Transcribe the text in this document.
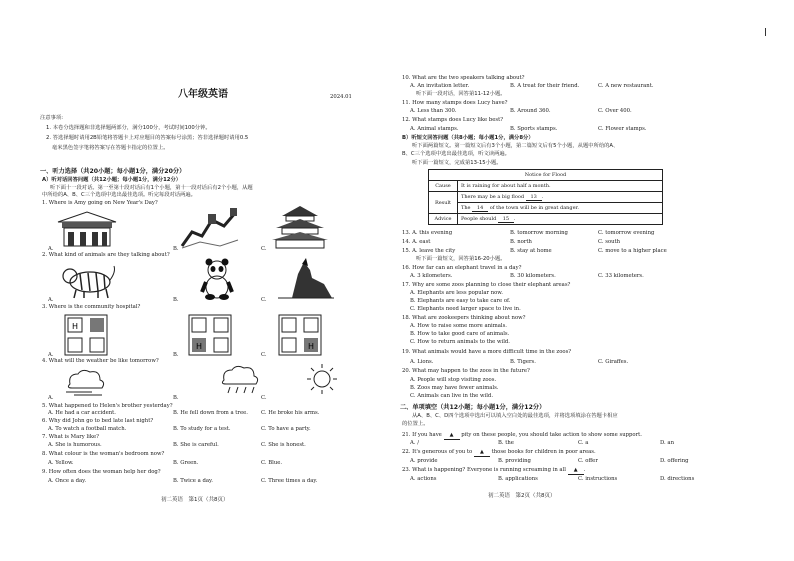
八年级英语	2024.01
注意事项:
1. 本卷分选择题和非选择题两部分，满分100分，考试时间100分钟。
2. 答选择题时请用2B铅笔将答题卡上对应题目的答案标号涂黑；答非选择题时请用0.5
毫米黑色签字笔将答案写在答题卡指定的位置上。
一、听力选择（共20小题；每小题1分，满分20分）
A）听对话回答问题（共12小题；每小题1分，满分12分）
听下面十一段对话。第一至第十段对话后有1个小题，第十一段对话后有2个小题，从题
中所给的A、B、C三个选项中选出最佳选项。听完每段对话两遍。
1. Where is Amy going on New Year's Day?
A.	B.	C.
2. What kind of animals are they talking about?
A.	B.	C.
3. Where is the community hospital?
A.	B.	C.
H
H	H
4. What will the weather be like tomorrow?
A.	B.	C.
5. What happened to Helen's brother yesterday?
A. He had a car accident.	B. He fell down from a tree. C. He broke his arms.
6. Why did John go to bed late last night?
A. To watch a football match.	B. To study for a test.	C. To have a party.
7. What is Mary like?
A. She is humorous.	B. She is careful.	C. She is honest.
8. What colour is the woman's bedroom now?
A. Yellow.	B. Green.	C. Blue.
9. How often does the woman help her dog?
A. Once a day.	B. Twice a day.	C. Three times a day.
初二英语　第1页（共8页）
10. What are the two speakers talking about?
A. An invitation letter.	B. A treat for their friend.	C. A new restaurant.
听下面一段对话，回答第11-12小题。
11. How many stamps does Lucy have?
A. Less than 300.	B. Around 360.	C. Over 400.
12. What stamps does Lucy like best?
A. Animal stamps.	B. Sports stamps.	C. Flower stamps.
B）听短文回答问题（共8小题；每小题1分，满分8分）
听下面两篇短文。第一篇短文后有3个小题，第二篇短文后有5个小题，从题中所给的A、
B、C三个选项中选出最佳选项，听文读两遍。
听下面一篇短文，完成第13-15小题。
Notice for Flood	
Cause	It is raining for about half a month.
Result	There may be a big flood 13 .
	The 14 of the town will be in great danger.
Advice	People should 15 .
13. A. this evening	B. tomorrow morning	C. tomorrow evening
14. A. east	B. north	C. south
15. A. leave the city	B. stay at home	C. move to a higher place
听下面一篇短文，回答第16-20小题。
16. How far can an elephant travel in a day?
A. 3 kilometers.	B. 30 kilometers.	C. 33 kilometers.
17. Why are some zoos planning to close their elephant areas?
A. Elephants are less popular now.
B. Elephants are easy to take care of.
C. Elephants need larger space to live in.
18. What are zookeepers thinking about now?
A. How to raise some more animals.
B. How to take good care of animals.
C. How to return animals to the wild.
19. What animals would have a more difficult time in the zoos?
A. Lions.	B. Tigers.	C. Giraffes.
20. What may happen to the zoos in the future?
A. People will stop visiting zoos.
B. Zoos may have fewer animals.
C. Animals can live in the wild.
二、单项填空（共12小题；每小题1分，满分12分）
从A、B、C、D四个选项中选出可以填入空白处的最佳选项，并将选项填涂在答题卡相应
的位置上。
21. If you have ▲ pity on these people, you should take action to show some support.
A. /	B. the	C. a	D. an
22. It's generous of you to ▲ those books for children in poor areas.
A. provide	B. providing	C. offer	D. offering
23. What is happening? Everyone is running screaming in all ▲ .
A. actions	B. applications	C. instructions	D. directions
初二英语　第2页（共8页）
